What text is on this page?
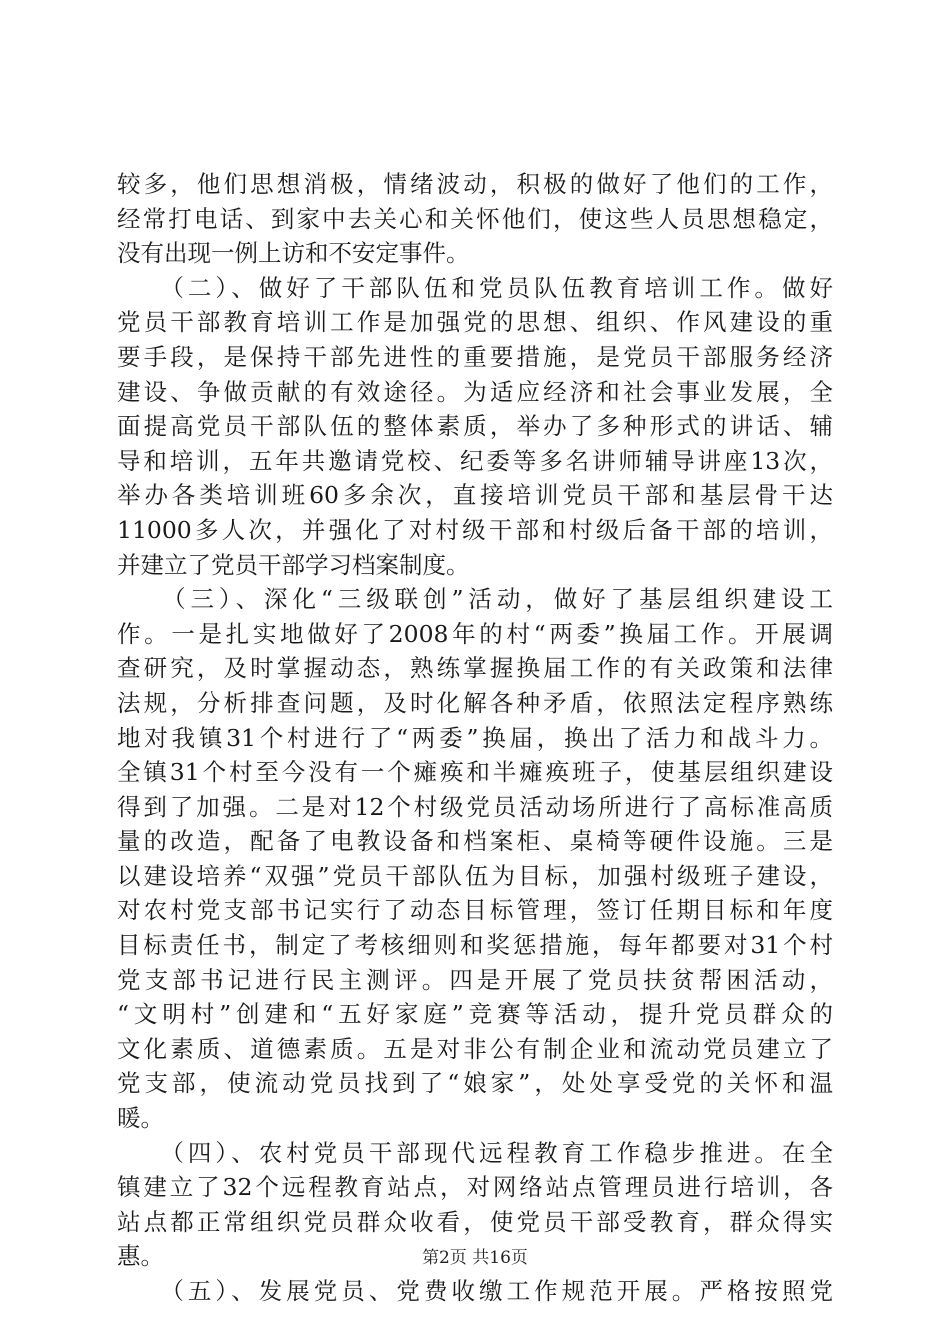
较多，他们思想消极，情绪波动，积极的做好了他们的工作，
经常打电话、到家中去关心和关怀他们，使这些人员思想稳定，
没有出现一例上访和不安定事件。
　　（二）、做好了干部队伍和党员队伍教育培训工作。做好
党员干部教育培训工作是加强党的思想、组织、作风建设的重
要手段，是保持干部先进性的重要措施，是党员干部服务经济
建设、争做贡献的有效途径。为适应经济和社会事业发展，全
面提高党员干部队伍的整体素质，举办了多种形式的讲话、辅
导和培训，五年共邀请党校、纪委等多名讲师辅导讲座13次，
举办各类培训班60多余次，直接培训党员干部和基层骨干达
11000多人次，并强化了对村级干部和村级后备干部的培训，
并建立了党员干部学习档案制度。
　　（三）、深化“三级联创”活动，做好了基层组织建设工
作。一是扎实地做好了2008年的村“两委”换届工作。开展调
查研究，及时掌握动态，熟练掌握换届工作的有关政策和法律
法规，分析排查问题，及时化解各种矛盾，依照法定程序熟练
地对我镇31个村进行了“两委”换届，换出了活力和战斗力。
全镇31个村至今没有一个瘫痪和半瘫痪班子，使基层组织建设
得到了加强。二是对12个村级党员活动场所进行了高标准高质
量的改造，配备了电教设备和档案柜、桌椅等硬件设施。三是
以建设培养“双强”党员干部队伍为目标，加强村级班子建设，
对农村党支部书记实行了动态目标管理，签订任期目标和年度
目标责任书，制定了考核细则和奖惩措施，每年都要对31个村
党支部书记进行民主测评。四是开展了党员扶贫帮困活动，
“文明村”创建和“五好家庭”竞赛等活动，提升党员群众的
文化素质、道德素质。五是对非公有制企业和流动党员建立了
党支部，使流动党员找到了“娘家”，处处享受党的关怀和温
暖。
　　（四）、农村党员干部现代远程教育工作稳步推进。在全
镇建立了32个远程教育站点，对网络站点管理员进行培训，各
站点都正常组织党员群众收看，使党员干部受教育，群众得实
惠。
　　（五）、发展党员、党费收缴工作规范开展。严格按照党
第2页 共16页
